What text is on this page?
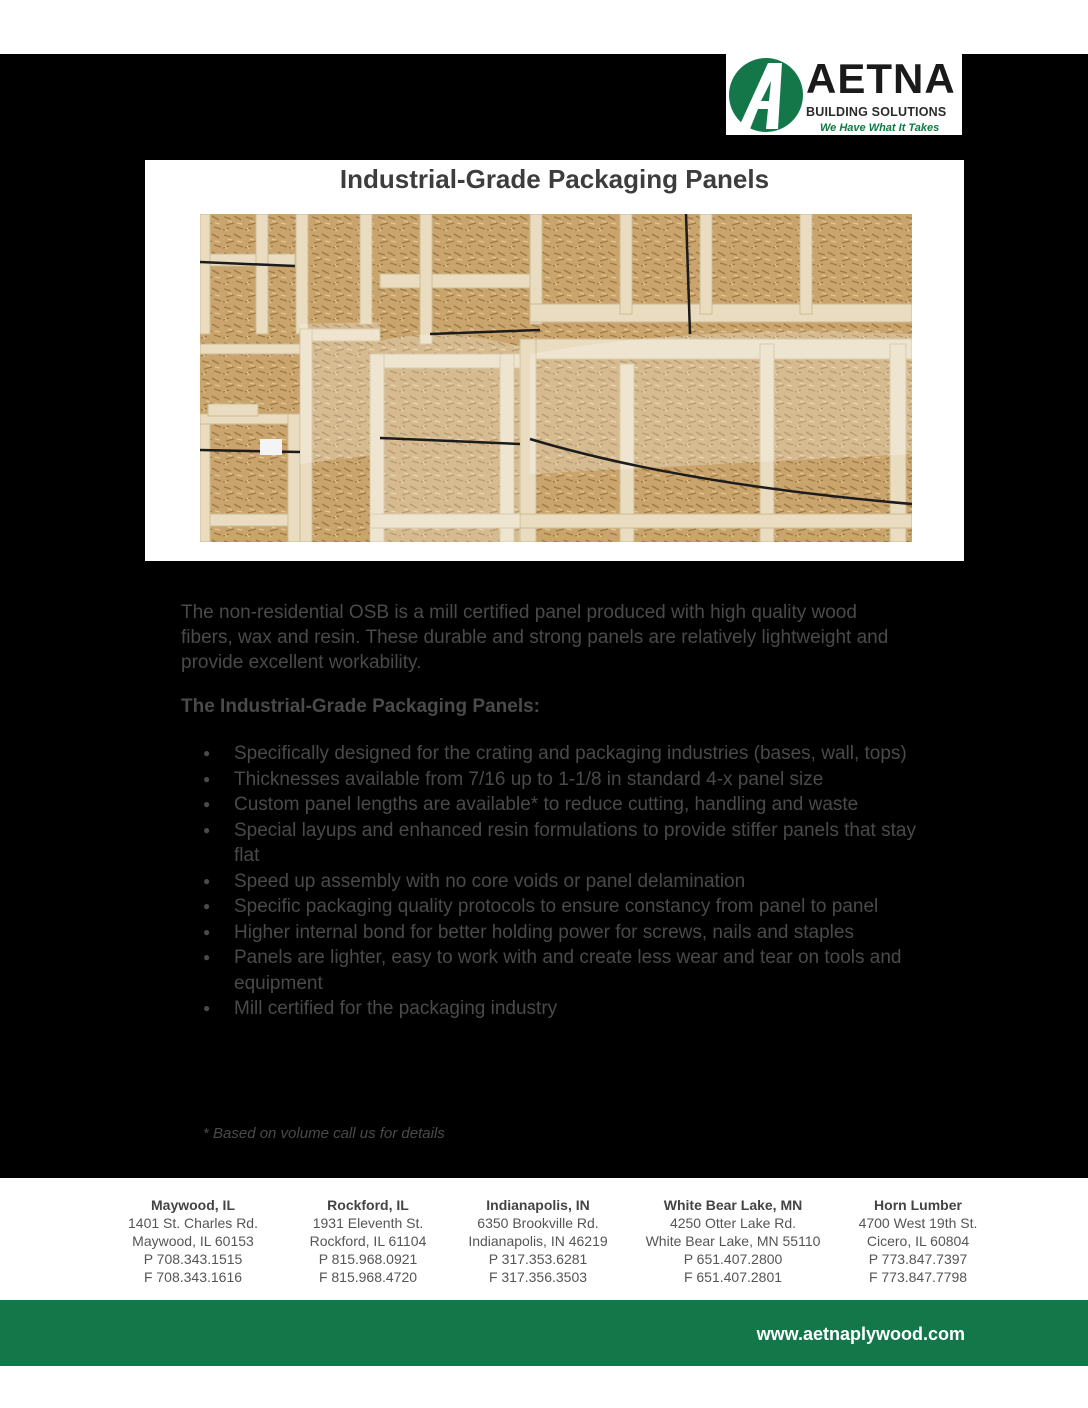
AETNA
BUILDING SOLUTIONS
We Have What It Takes
Industrial-Grade Packaging Panels
The non-residential OSB is a mill certified panel produced with high quality wood fibers, wax and resin. These durable and strong panels are relatively lightweight and provide excellent workability.
The Industrial-Grade Packaging Panels:
● Specifically designed for the crating and packaging industries (bases, wall, tops)
● Thicknesses available from 7/16 up to 1-1/8 in standard 4-x panel size
● Custom panel lengths are available* to reduce cutting, handling and waste
● Special layups and enhanced resin formulations to provide stiffer panels that stay flat
● Speed up assembly with no core voids or panel delamination
● Specific packaging quality protocols to ensure constancy from panel to panel
● Higher internal bond for better holding power for screws, nails and staples
● Panels are lighter, easy to work with and create less wear and tear on tools and equipment
● Mill certified for the packaging industry
* Based on volume call us for details
Maywood, IL
1401 St. Charles Rd.
Maywood, IL 60153
P 708.343.1515
F 708.343.1616
Rockford, IL
1931 Eleventh St.
Rockford, IL 61104
P 815.968.0921
F 815.968.4720
Indianapolis, IN
6350 Brookville Rd.
Indianapolis, IN 46219
P 317.353.6281
F 317.356.3503
White Bear Lake, MN
4250 Otter Lake Rd.
White Bear Lake, MN 55110
P 651.407.2800
F 651.407.2801
Horn Lumber
4700 West 19th St.
Cicero, IL 60804
P 773.847.7397
F 773.847.7798
www.aetnaplywood.com
